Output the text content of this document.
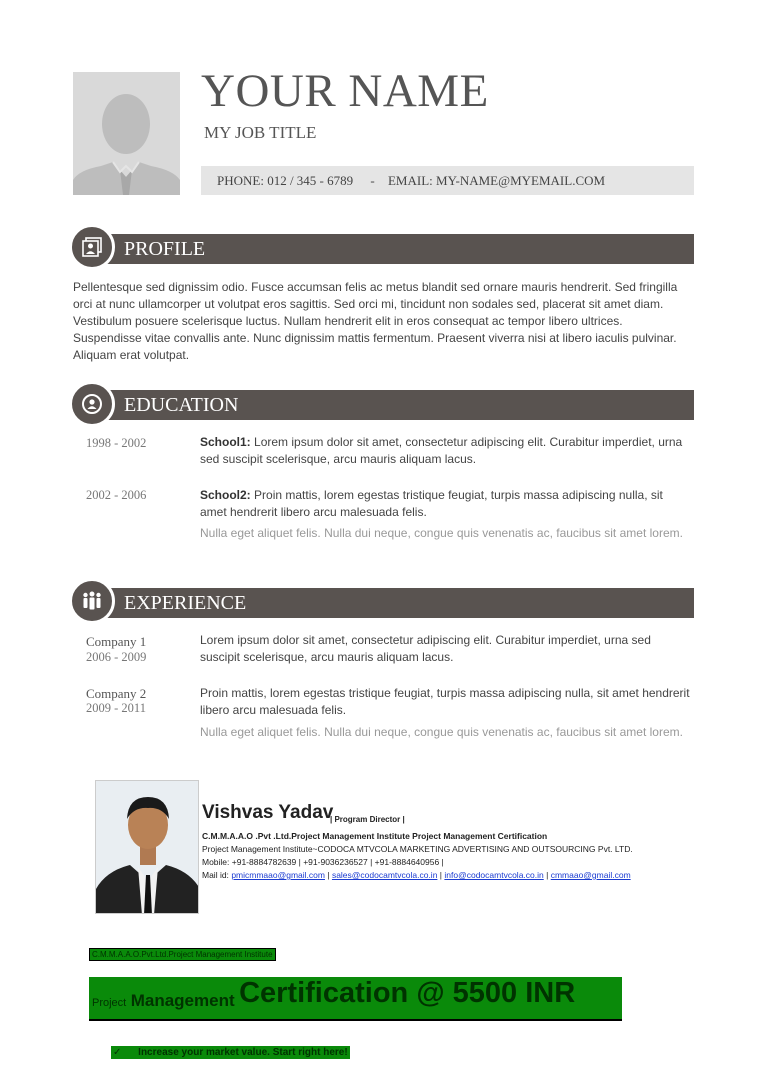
YOUR NAME
MY JOB TITLE
PHONE: 012 / 345 - 6789 - EMAIL: MY-NAME@MYEMAIL.COM
PROFILE

Pellentesque sed dignissim odio. Fusce accumsan felis ac metus blandit sed ornare mauris hendrerit. Sed fringilla orci at nunc ullamcorper ut volutpat eros sagittis. Sed orci mi, tincidunt non sodales sed, placerat sit amet diam. Vestibulum posuere scelerisque luctus. Nullam hendrerit elit in eros consequat ac tempor libero ultrices. Suspendisse vitae convallis ante. Nunc dignissim mattis fermentum. Praesent viverra nisi at libero iaculis pulvinar. Aliquam erat volutpat.

EDUCATION
1998 - 2002	School1: Lorem ipsum dolor sit amet, consectetur adipiscing elit. Curabitur imperdiet, urna sed suscipit scelerisque, arcu mauris aliquam lacus.
2002 - 2006	School2: Proin mattis, lorem egestas tristique feugiat, turpis massa adipiscing nulla, sit amet hendrerit libero arcu malesuada felis.
Nulla eget aliquet felis. Nulla dui neque, congue quis venenatis ac, faucibus sit amet lorem.
EXPERIENCE
Company 1
2006 - 2009
Lorem ipsum dolor sit amet, consectetur adipiscing elit. Curabitur imperdiet, urna sed suscipit scelerisque, arcu mauris aliquam lacus.
Company 2
2009 - 2011
Proin mattis, lorem egestas tristique feugiat, turpis massa adipiscing nulla, sit amet hendrerit libero arcu malesuada felis.
Nulla eget aliquet felis. Nulla dui neque, congue quis venenatis ac, faucibus sit amet lorem.
Vishvas Yadav
| Program Director |
C.M.M.A.A.O .Pvt .Ltd.Project Management Institute Project Management Certification
Project Management Institute~CODOCA MTVCOLA MARKETING ADVERTISING AND OUTSOURCING Pvt. LTD.
Mobile: +91-8884782639 | +91-9036236527 | +91-8884640956 |
Mail id: pmicmmaao@gmail.com | sales@codocamtvcola.co.in | info@codocamtvcola.co.in | cmmaao@gmail.com
C.M.M.A.A.O.Pvt.Ltd.Project Management Institute
$_{Project}$ Management Certification @ 5500 INR
✓ Increase your market value. Start right here!
